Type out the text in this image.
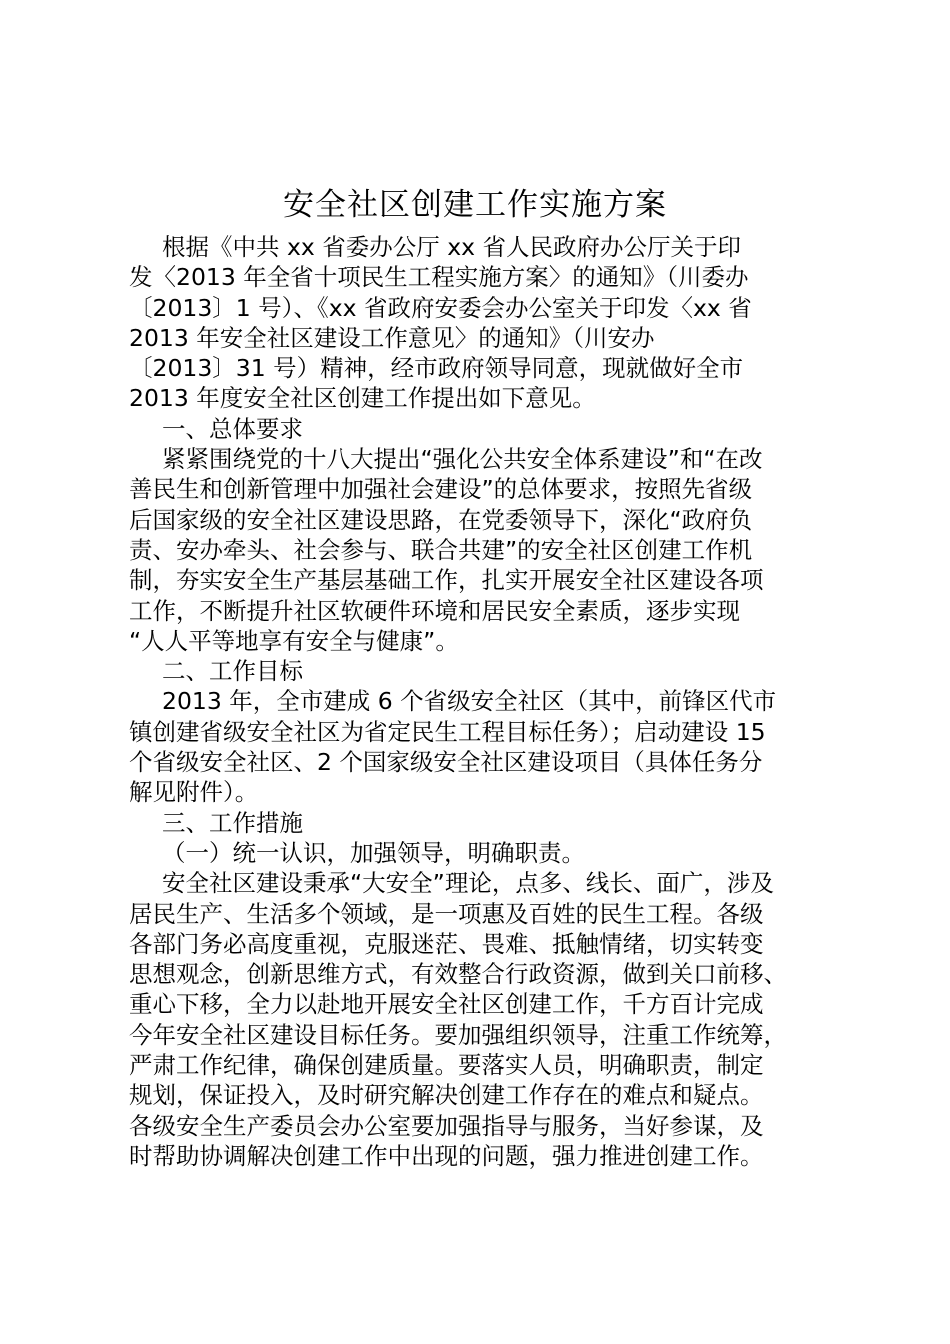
安全社区创建工作实施方案
根据《中共 xx 省委办公厅 xx 省人民政府办公厅关于印
发〈2013 年全省十项民生工程实施方案〉的通知》（川委办
〔2013〕1 号）、《xx 省政府安委会办公室关于印发〈xx 省
2013 年安全社区建设工作意见〉的通知》（川安办
〔2013〕31 号）精神，经市政府领导同意，现就做好全市
2013 年度安全社区创建工作提出如下意见。
一、总体要求
紧紧围绕党的十八大提出“强化公共安全体系建设”和“在改
善民生和创新管理中加强社会建设”的总体要求，按照先省级
后国家级的安全社区建设思路，在党委领导下，深化“政府负
责、安办牵头、社会参与、联合共建”的安全社区创建工作机
制，夯实安全生产基层基础工作，扎实开展安全社区建设各项
工作，不断提升社区软硬件环境和居民安全素质，逐步实现
“人人平等地享有安全与健康”。
二、工作目标
2013 年，全市建成 6 个省级安全社区（其中，前锋区代市
镇创建省级安全社区为省定民生工程目标任务）；启动建设 15
个省级安全社区、2 个国家级安全社区建设项目（具体任务分
解见附件）。
三、工作措施
（一）统一认识，加强领导，明确职责。
安全社区建设秉承“大安全”理论，点多、线长、面广，涉及
居民生产、生活多个领域，是一项惠及百姓的民生工程。各级
各部门务必高度重视，克服迷茫、畏难、抵触情绪，切实转变
思想观念，创新思维方式，有效整合行政资源，做到关口前移、
重心下移，全力以赴地开展安全社区创建工作，千方百计完成
今年安全社区建设目标任务。要加强组织领导，注重工作统筹，
严肃工作纪律，确保创建质量。要落实人员，明确职责，制定
规划，保证投入，及时研究解决创建工作存在的难点和疑点。
各级安全生产委员会办公室要加强指导与服务，当好参谋，及
时帮助协调解决创建工作中出现的问题，强力推进创建工作。
